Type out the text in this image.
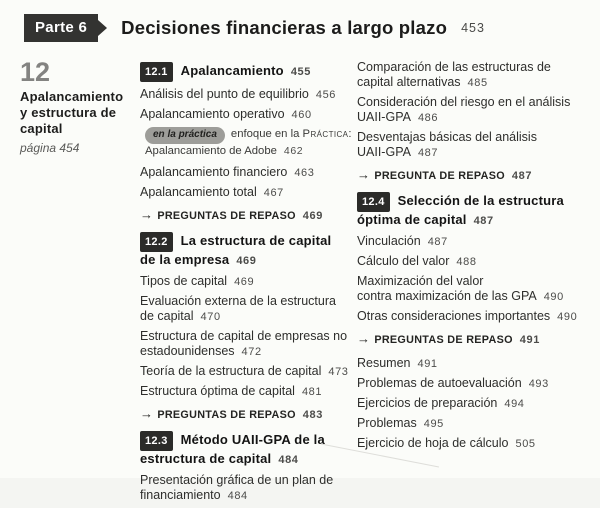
Parte 6	Decisiones financieras a largo plazo 453
12
Apalancamiento y estructura de capital
página 454
12.1 Apalancamiento 455
Análisis del punto de equilibrio 456
Apalancamiento operativo 460
en la práctica enfoque en la Práctica:
Apalancamiento de Adobe 462
Apalancamiento financiero 463
Apalancamiento total 467
→ PREGUNTAS DE REPASO 469
12.2 La estructura de capital
de la empresa 469
Tipos de capital 469
Evaluación externa de la estructura
de capital 470
Estructura de capital de empresas no
estadounidenses 472
Teoría de la estructura de capital 473
Estructura óptima de capital 481
→ PREGUNTAS DE REPASO 483
12.3 Método UAII-GPA de la
estructura de capital 484
Presentación gráfica de un plan de
financiamiento 484
Comparación de las estructuras de
capital alternativas 485
Consideración del riesgo en el análisis
UAII-GPA 486
Desventajas básicas del análisis
UAII-GPA 487
→ PREGUNTA DE REPASO 487
12.4 Selección de la estructura
óptima de capital 487
Vinculación 487
Cálculo del valor 488
Maximización del valor
contra maximización de las GPA 490
Otras consideraciones importantes 490
→ PREGUNTAS DE REPASO 491
Resumen 491
Problemas de autoevaluación 493
Ejercicios de preparación 494
Problemas 495
Ejercicio de hoja de cálculo 505
